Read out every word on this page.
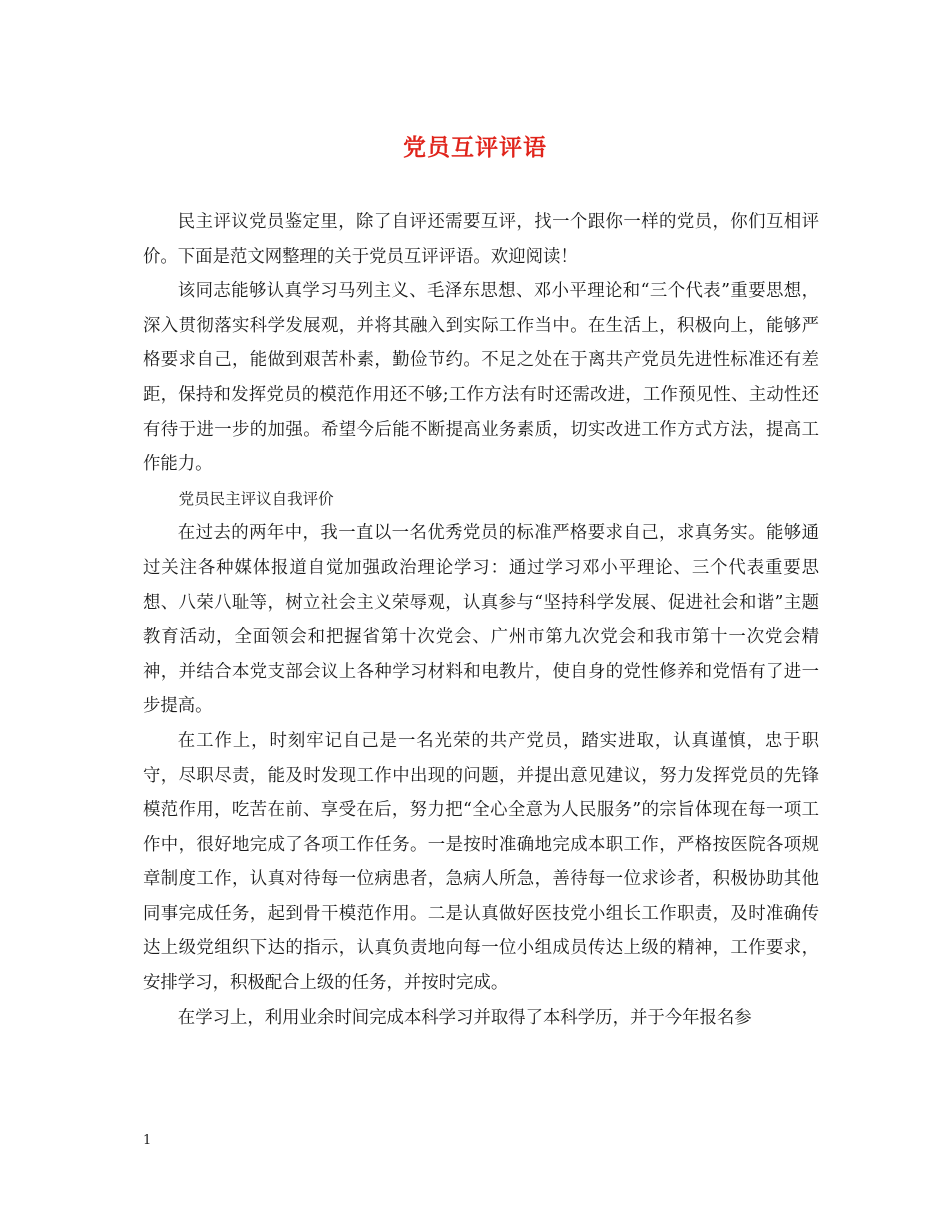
党员互评评语

民主评议党员鉴定里，除了自评还需要互评，找一个跟你一样的党员，你们互相评价。下面是范文网整理的关于党员互评评语。欢迎阅读！

该同志能够认真学习马列主义、毛泽东思想、邓小平理论和“三个代表”重要思想，深入贯彻落实科学发展观，并将其融入到实际工作当中。在生活上，积极向上，能够严格要求自己，能做到艰苦朴素，勤俭节约。不足之处在于离共产党员先进性标准还有差距，保持和发挥党员的模范作用还不够;工作方法有时还需改进，工作预见性、主动性还有待于进一步的加强。希望今后能不断提高业务素质，切实改进工作方式方法，提高工作能力。

党员民主评议自我评价

在过去的两年中，我一直以一名优秀党员的标准严格要求自己，求真务实。能够通过关注各种媒体报道自觉加强政治理论学习：通过学习邓小平理论、三个代表重要思想、八荣八耻等，树立社会主义荣辱观，认真参与“坚持科学发展、促进社会和谐”主题教育活动，全面领会和把握省第十次党会、广州市第九次党会和我市第十一次党会精神，并结合本党支部会议上各种学习材料和电教片，使自身的党性修养和党悟有了进一步提高。

在工作上，时刻牢记自己是一名光荣的共产党员，踏实进取，认真谨慎，忠于职守，尽职尽责，能及时发现工作中出现的问题，并提出意见建议，努力发挥党员的先锋模范作用，吃苦在前、享受在后，努力把“全心全意为人民服务”的宗旨体现在每一项工作中，很好地完成了各项工作任务。一是按时准确地完成本职工作，严格按医院各项规章制度工作，认真对待每一位病患者，急病人所急，善待每一位求诊者，积极协助其他同事完成任务，起到骨干模范作用。二是认真做好医技党小组长工作职责，及时准确传达上级党组织下达的指示，认真负责地向每一位小组成员传达上级的精神，工作要求，安排学习，积极配合上级的任务，并按时完成。

在学习上，利用业余时间完成本科学习并取得了本科学历，并于今年报名参

1
